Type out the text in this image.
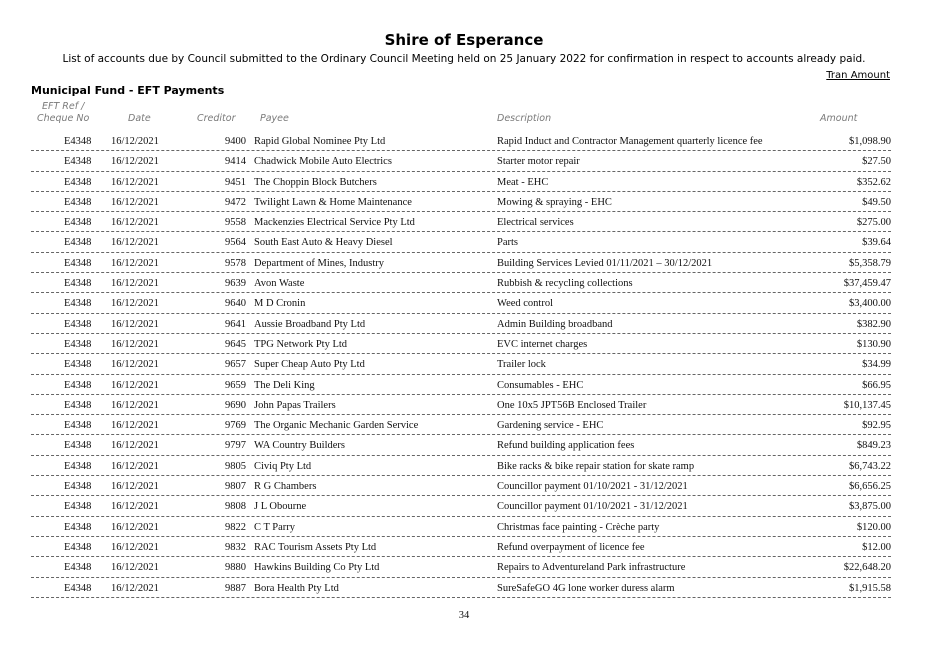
Shire of Esperance
List of accounts due by Council submitted to the Ordinary Council Meeting held on 25 January 2022 for confirmation in respect to accounts already paid.
Tran Amount
Municipal Fund - EFT Payments
EFT Ref /
Cheque No	Date	Creditor	Payee	Description	Amount
E4348 16/12/2021	9400 Rapid Global Nominee Pty Ltd	Rapid Induct and Contractor Management quarterly licence fee	$1,098.90
E4348 16/12/2021	9414 Chadwick Mobile Auto Electrics	Starter motor repair	$27.50
E4348 16/12/2021	9451 The Choppin Block Butchers	Meat - EHC	$352.62
E4348 16/12/2021	9472 Twilight Lawn & Home Maintenance	Mowing & spraying - EHC	$49.50
E4348 16/12/2021	9558 Mackenzies Electrical Service Pty Ltd	Electrical services	$275.00
E4348 16/12/2021	9564 South East Auto & Heavy Diesel	Parts	$39.64
E4348 16/12/2021	9578 Department of Mines, Industry	Building Services Levied 01/11/2021 – 30/12/2021	$5,358.79
E4348 16/12/2021	9639 Avon Waste	Rubbish & recycling collections	$37,459.47
E4348 16/12/2021	9640 M D Cronin	Weed control	$3,400.00
E4348 16/12/2021	9641 Aussie Broadband Pty Ltd	Admin Building broadband	$382.90
E4348 16/12/2021	9645 TPG Network Pty Ltd	EVC internet charges	$130.90
E4348 16/12/2021	9657 Super Cheap Auto Pty Ltd	Trailer lock	$34.99
E4348 16/12/2021	9659 The Deli King	Consumables - EHC	$66.95
E4348 16/12/2021	9690 John Papas Trailers	One 10x5 JPT56B Enclosed Trailer	$10,137.45
E4348 16/12/2021	9769 The Organic Mechanic Garden Service	Gardening service - EHC	$92.95
E4348 16/12/2021	9797 WA Country Builders	Refund building application fees	$849.23
E4348 16/12/2021	9805 Civiq Pty Ltd	Bike racks & bike repair station for skate ramp	$6,743.22
E4348 16/12/2021	9807 R G Chambers	Councillor payment 01/10/2021 - 31/12/2021	$6,656.25
E4348 16/12/2021	9808 J L Obourne	Councillor payment 01/10/2021 - 31/12/2021	$3,875.00
E4348 16/12/2021	9822 C T Parry	Christmas face painting - Crèche party	$120.00
E4348 16/12/2021	9832 RAC Tourism Assets Pty Ltd	Refund overpayment of licence fee	$12.00
E4348 16/12/2021	9880 Hawkins Building Co Pty Ltd	Repairs to Adventureland Park infrastructure	$22,648.20
E4348 16/12/2021	9887 Bora Health Pty Ltd	SureSafeGO 4G lone worker duress alarm	$1,915.58
34
